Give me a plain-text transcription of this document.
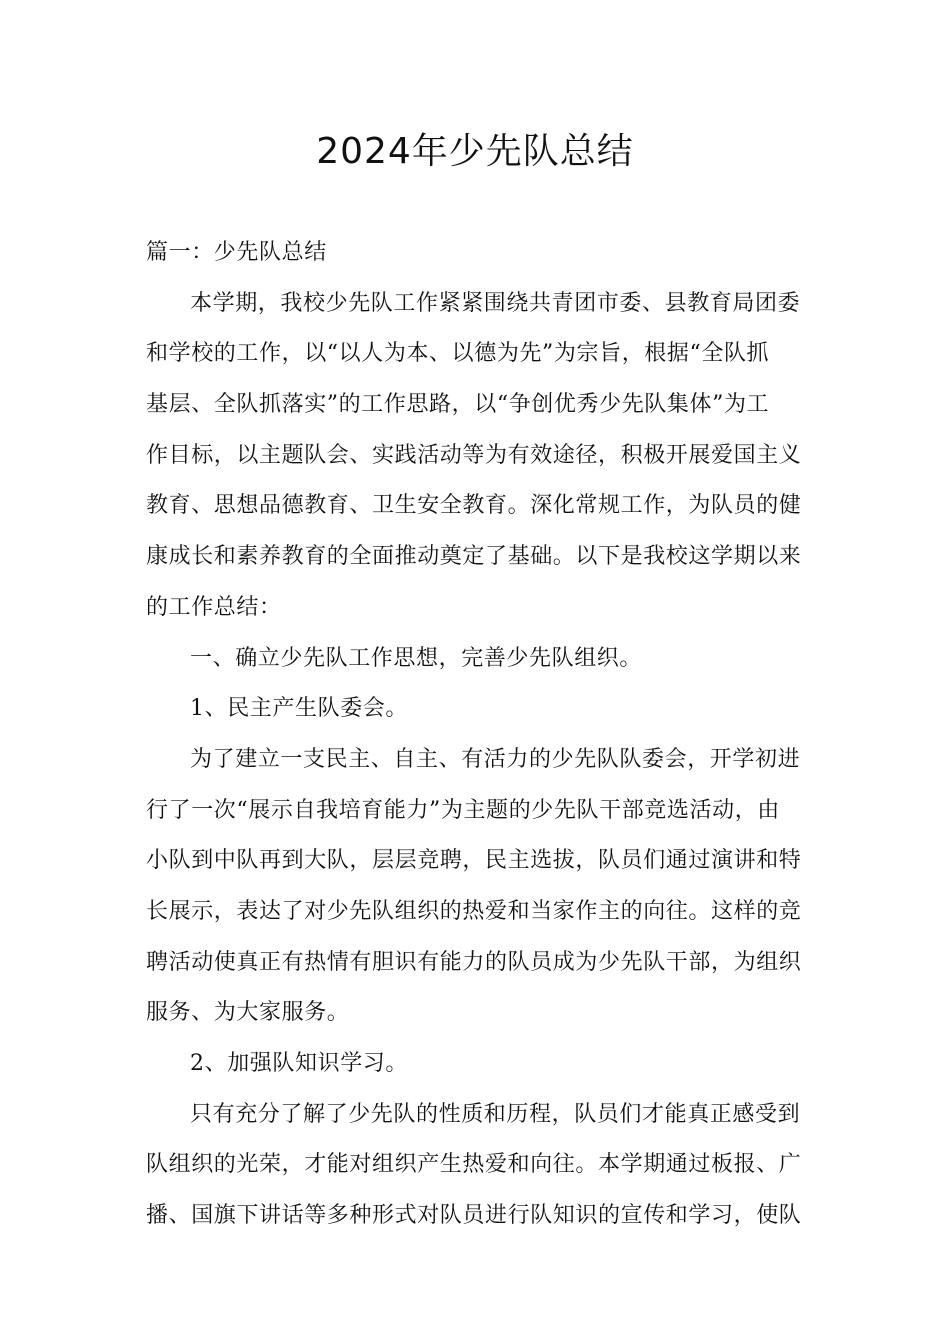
2024年少先队总结
篇一：少先队总结
本学期，我校少先队工作紧紧围绕共青团市委、县教育局团委
和学校的工作，以“以人为本、以德为先”为宗旨，根据“全队抓
基层、全队抓落实”的工作思路，以“争创优秀少先队集体”为工
作目标，以主题队会、实践活动等为有效途径，积极开展爱国主义
教育、思想品德教育、卫生安全教育。深化常规工作，为队员的健
康成长和素养教育的全面推动奠定了基础。以下是我校这学期以来
的工作总结：
一、确立少先队工作思想，完善少先队组织。
1、民主产生队委会。
为了建立一支民主、自主、有活力的少先队队委会，开学初进
行了一次“展示自我培育能力”为主题的少先队干部竞选活动，由
小队到中队再到大队，层层竞聘，民主选拔，队员们通过演讲和特
长展示，表达了对少先队组织的热爱和当家作主的向往。这样的竞
聘活动使真正有热情有胆识有能力的队员成为少先队干部，为组织
服务、为大家服务。
2、加强队知识学习。
只有充分了解了少先队的性质和历程，队员们才能真正感受到
队组织的光荣，才能对组织产生热爱和向往。本学期通过板报、广
播、国旗下讲话等多种形式对队员进行队知识的宣传和学习，使队
